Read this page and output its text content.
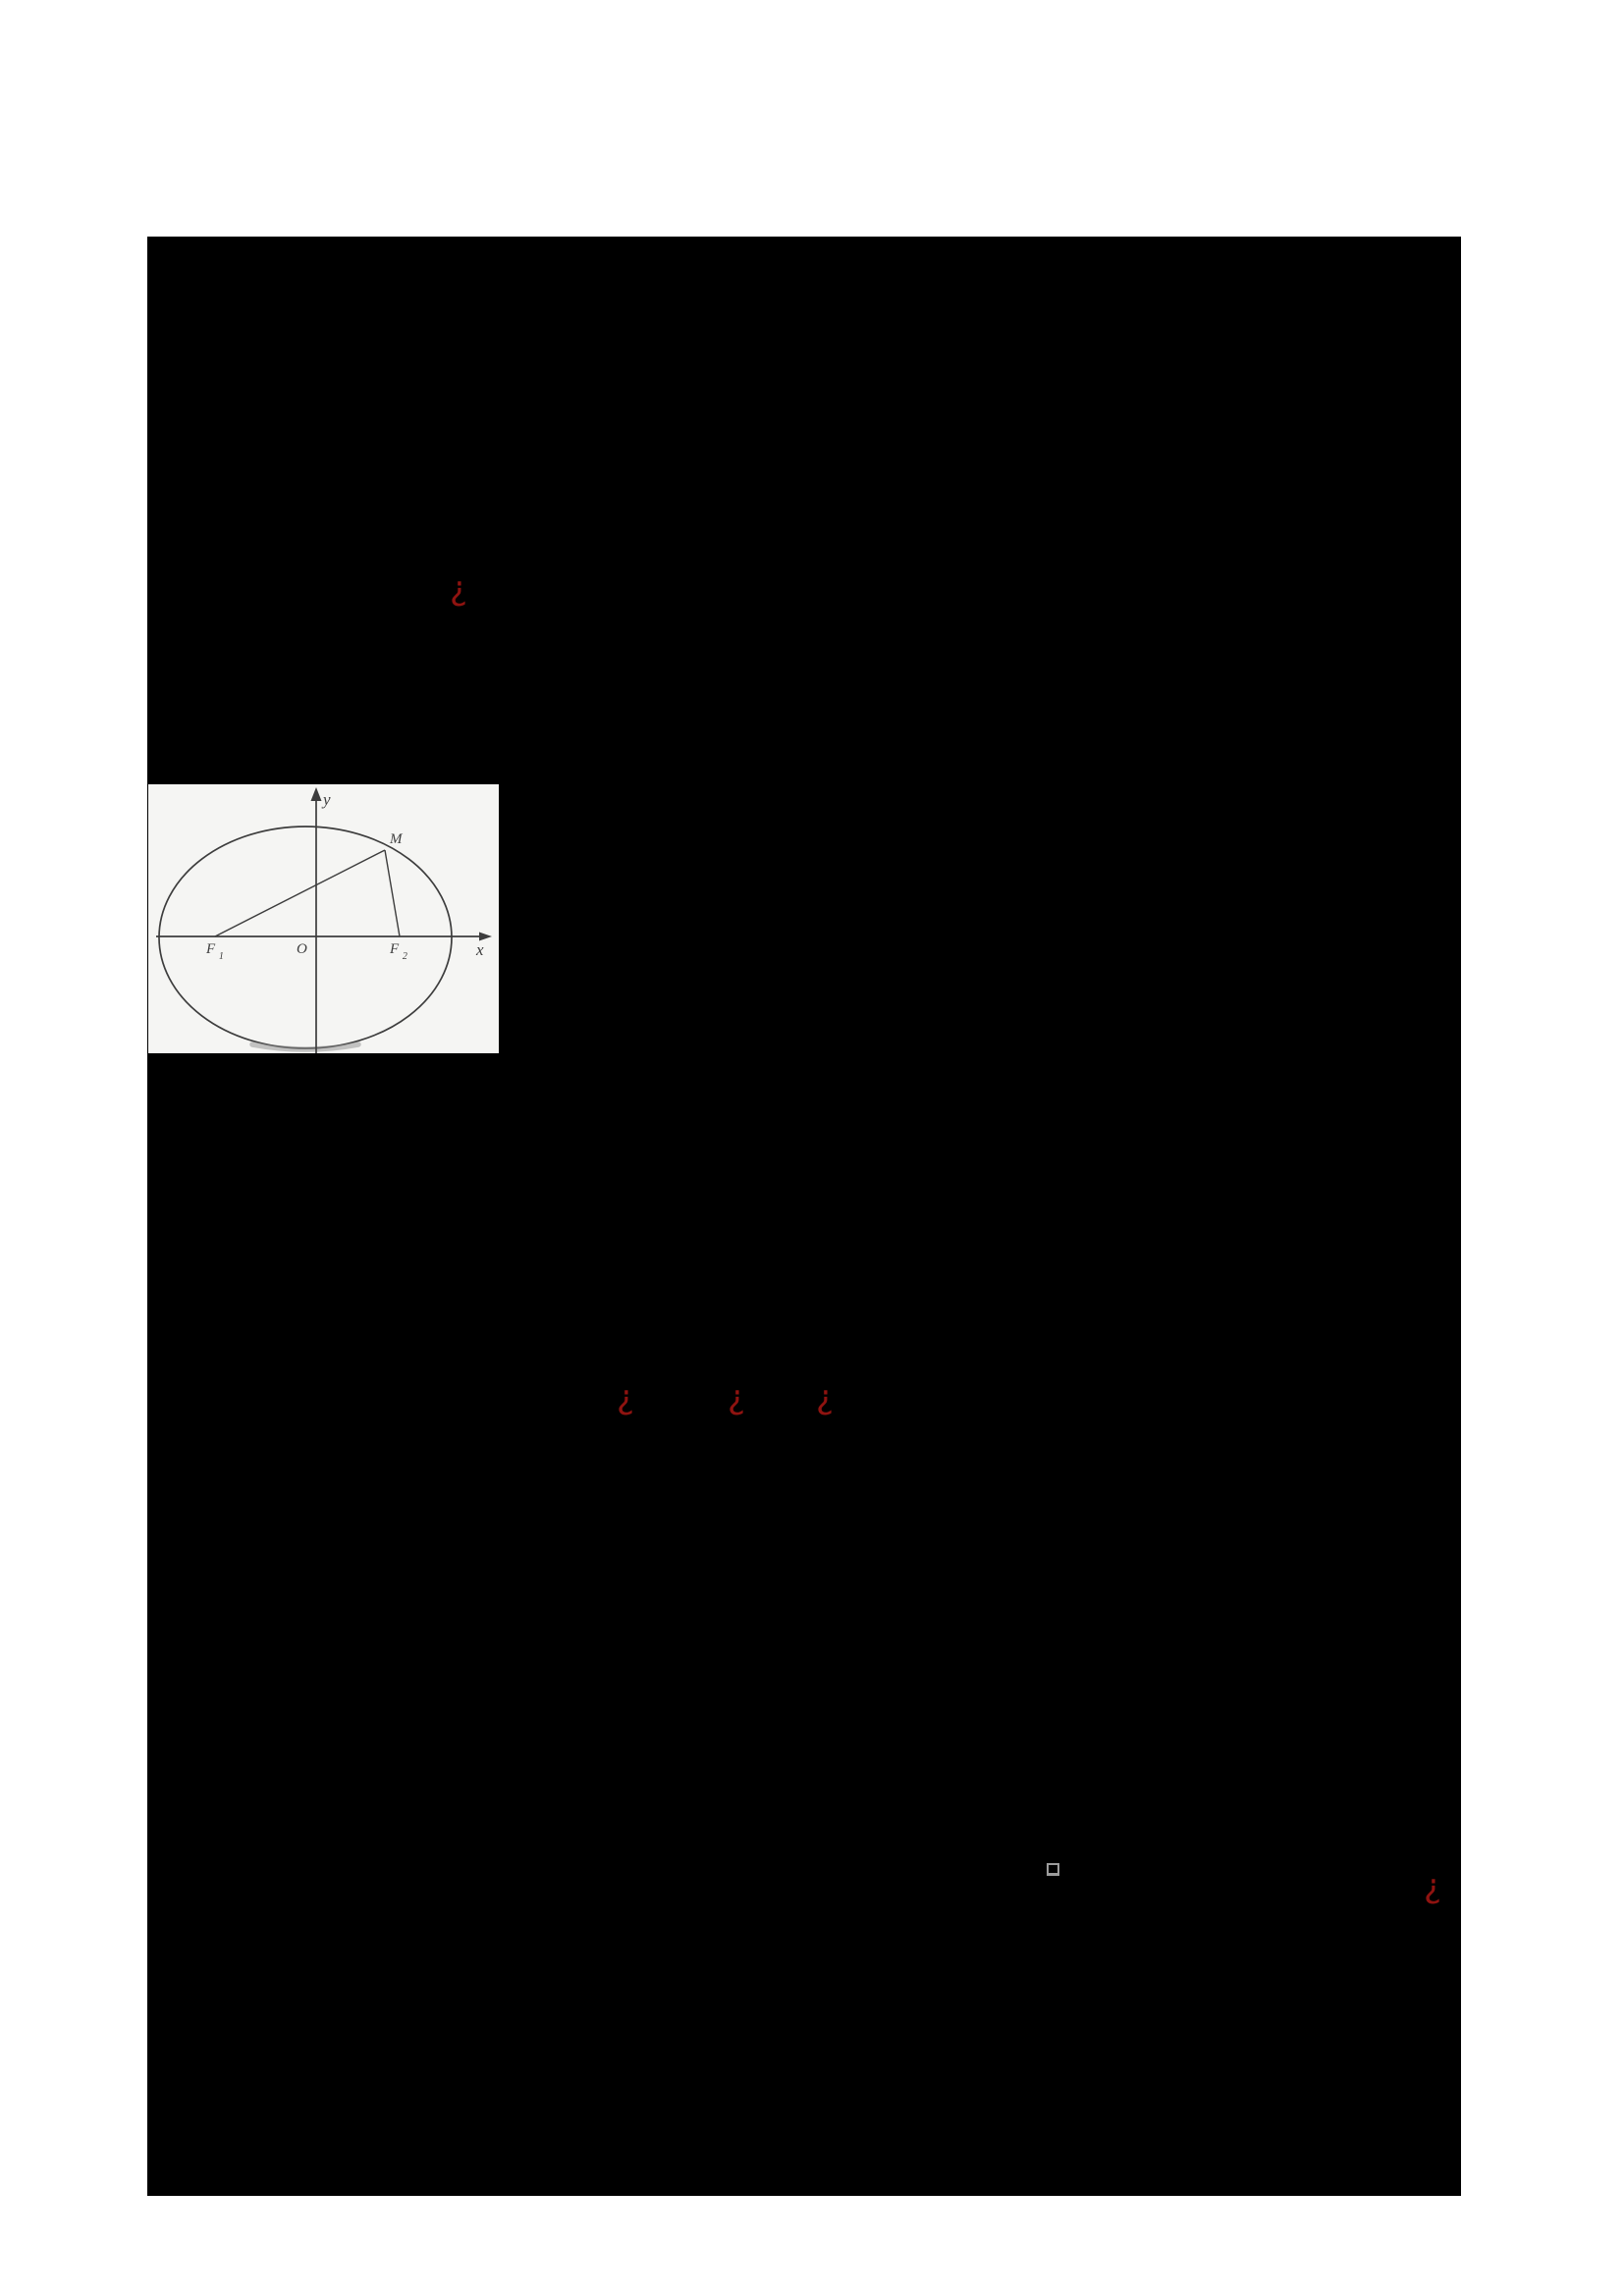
y
x
O
F $_1$	F $_2$
M
¿
¿	¿ ¿
¿
